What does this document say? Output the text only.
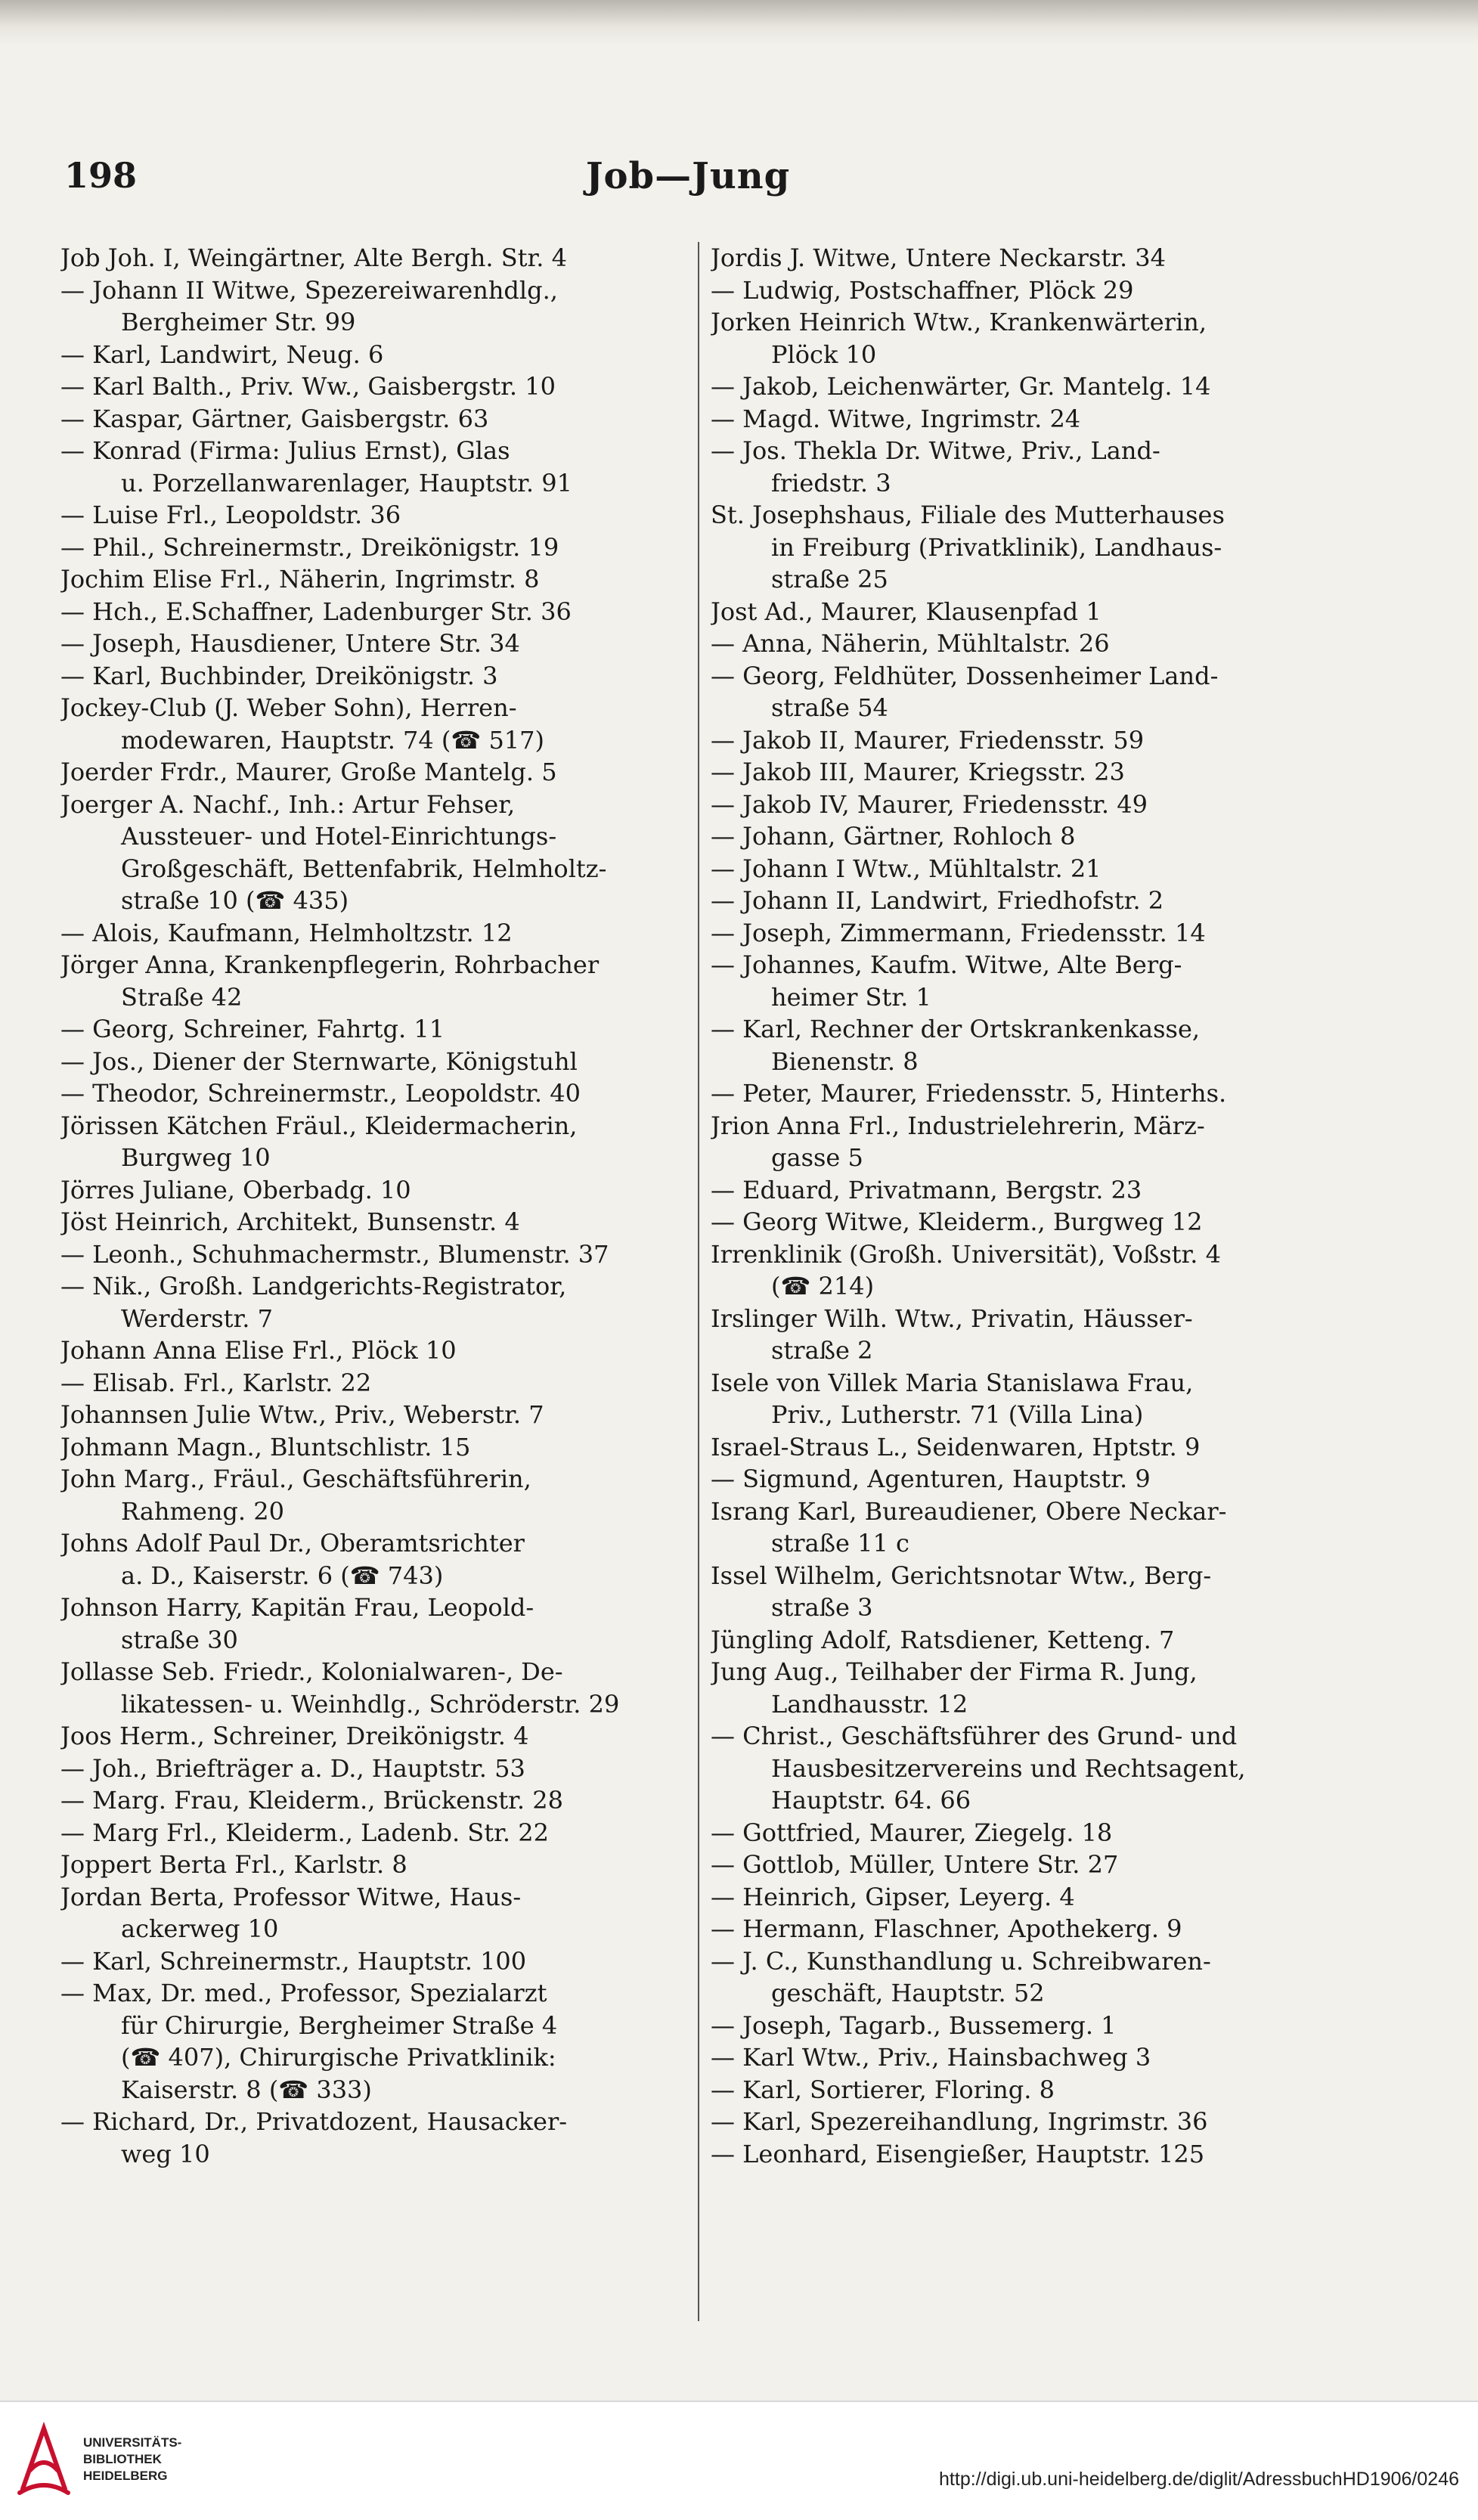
198	Job—Jung
Job Joh. I, Weingärtner, Alte Bergh. Str. 4
— Johann II Witwe, Spezereiwarenhdlg.,
Bergheimer Str. 99
— Karl, Landwirt, Neug. 6
— Karl Balth., Priv. Ww., Gaisbergstr. 10
— Kaspar, Gärtner, Gaisbergstr. 63
— Konrad (Firma: Julius Ernst), Glas
u. Porzellanwarenlager, Hauptstr. 91
— Luise Frl., Leopoldstr. 36
— Phil., Schreinermstr., Dreikönigstr. 19
Jochim Elise Frl., Näherin, Ingrimstr. 8
— Hch., E.Schaffner, Ladenburger Str. 36
— Joseph, Hausdiener, Untere Str. 34
— Karl, Buchbinder, Dreikönigstr. 3
Jockey-Club (J. Weber Sohn), Herren-
modewaren, Hauptstr. 74 (☎ 517)
Joerder Frdr., Maurer, Große Mantelg. 5
Joerger A. Nachf., Inh.: Artur Fehser,
Aussteuer- und Hotel-Einrichtungs-
Großgeschäft, Bettenfabrik, Helmholtz-
straße 10 (☎ 435)
— Alois, Kaufmann, Helmholtzstr. 12
Jörger Anna, Krankenpflegerin, Rohrbacher
Straße 42
— Georg, Schreiner, Fahrtg. 11
— Jos., Diener der Sternwarte, Königstuhl
— Theodor, Schreinermstr., Leopoldstr. 40
Jörissen Kätchen Fräul., Kleidermacherin,
Burgweg 10
Jörres Juliane, Oberbadg. 10
Jöst Heinrich, Architekt, Bunsenstr. 4
— Leonh., Schuhmachermstr., Blumenstr. 37
— Nik., Großh. Landgerichts-Registrator,
Werderstr. 7
Johann Anna Elise Frl., Plöck 10
— Elisab. Frl., Karlstr. 22
Johannsen Julie Wtw., Priv., Weberstr. 7
Johmann Magn., Bluntschlistr. 15
John Marg., Fräul., Geschäftsführerin,
Rahmeng. 20
Johns Adolf Paul Dr., Oberamtsrichter
a. D., Kaiserstr. 6 (☎ 743)
Johnson Harry, Kapitän Frau, Leopold-
straße 30
Jollasse Seb. Friedr., Kolonialwaren-, De-
likatessen- u. Weinhdlg., Schröderstr. 29
Joos Herm., Schreiner, Dreikönigstr. 4
— Joh., Briefträger a. D., Hauptstr. 53
— Marg. Frau, Kleiderm., Brückenstr. 28
— Marg Frl., Kleiderm., Ladenb. Str. 22
Joppert Berta Frl., Karlstr. 8
Jordan Berta, Professor Witwe, Haus-
ackerweg 10
— Karl, Schreinermstr., Hauptstr. 100
— Max, Dr. med., Professor, Spezialarzt
für Chirurgie, Bergheimer Straße 4
(☎ 407), Chirurgische Privatklinik:
Kaiserstr. 8 (☎ 333)
— Richard, Dr., Privatdozent, Hausacker-
weg 10
Jordis J. Witwe, Untere Neckarstr. 34
— Ludwig, Postschaffner, Plöck 29
Jorken Heinrich Wtw., Krankenwärterin,
Plöck 10
— Jakob, Leichenwärter, Gr. Mantelg. 14
— Magd. Witwe, Ingrimstr. 24
— Jos. Thekla Dr. Witwe, Priv., Land-
friedstr. 3
St. Josephshaus, Filiale des Mutterhauses
in Freiburg (Privatklinik), Landhaus-
straße 25
Jost Ad., Maurer, Klausenpfad 1
— Anna, Näherin, Mühltalstr. 26
— Georg, Feldhüter, Dossenheimer Land-
straße 54
— Jakob II, Maurer, Friedensstr. 59
— Jakob III, Maurer, Kriegsstr. 23
— Jakob IV, Maurer, Friedensstr. 49
— Johann, Gärtner, Rohloch 8
— Johann I Wtw., Mühltalstr. 21
— Johann II, Landwirt, Friedhofstr. 2
— Joseph, Zimmermann, Friedensstr. 14
— Johannes, Kaufm. Witwe, Alte Berg-
heimer Str. 1
— Karl, Rechner der Ortskrankenkasse,
Bienenstr. 8
— Peter, Maurer, Friedensstr. 5, Hinterhs.
Jrion Anna Frl., Industrielehrerin, März-
gasse 5
— Eduard, Privatmann, Bergstr. 23
— Georg Witwe, Kleiderm., Burgweg 12
Irrenklinik (Großh. Universität), Voßstr. 4
(☎ 214)
Irslinger Wilh. Wtw., Privatin, Häusser-
straße 2
Isele von Villek Maria Stanislawa Frau,
Priv., Lutherstr. 71 (Villa Lina)
Israel-Straus L., Seidenwaren, Hptstr. 9
— Sigmund, Agenturen, Hauptstr. 9
Israng Karl, Bureaudiener, Obere Neckar-
straße 11 c
Issel Wilhelm, Gerichtsnotar Wtw., Berg-
straße 3
Jüngling Adolf, Ratsdiener, Ketteng. 7
Jung Aug., Teilhaber der Firma R. Jung,
Landhausstr. 12
— Christ., Geschäftsführer des Grund- und
Hausbesitzervereins und Rechtsagent,
Hauptstr. 64. 66
— Gottfried, Maurer, Ziegelg. 18
— Gottlob, Müller, Untere Str. 27
— Heinrich, Gipser, Leyerg. 4
— Hermann, Flaschner, Apothekerg. 9
— J. C., Kunsthandlung u. Schreibwaren-
geschäft, Hauptstr. 52
— Joseph, Tagarb., Bussemerg. 1
— Karl Wtw., Priv., Hainsbachweg 3
— Karl, Sortierer, Floring. 8
— Karl, Spezereihandlung, Ingrimstr. 36
— Leonhard, Eisengießer, Hauptstr. 125
UNIVERSITÄTS-
BIBLIOTHEK
HEIDELBERG	http://digi.ub.uni-heidelberg.de/diglit/AdressbuchHD1906/0246
